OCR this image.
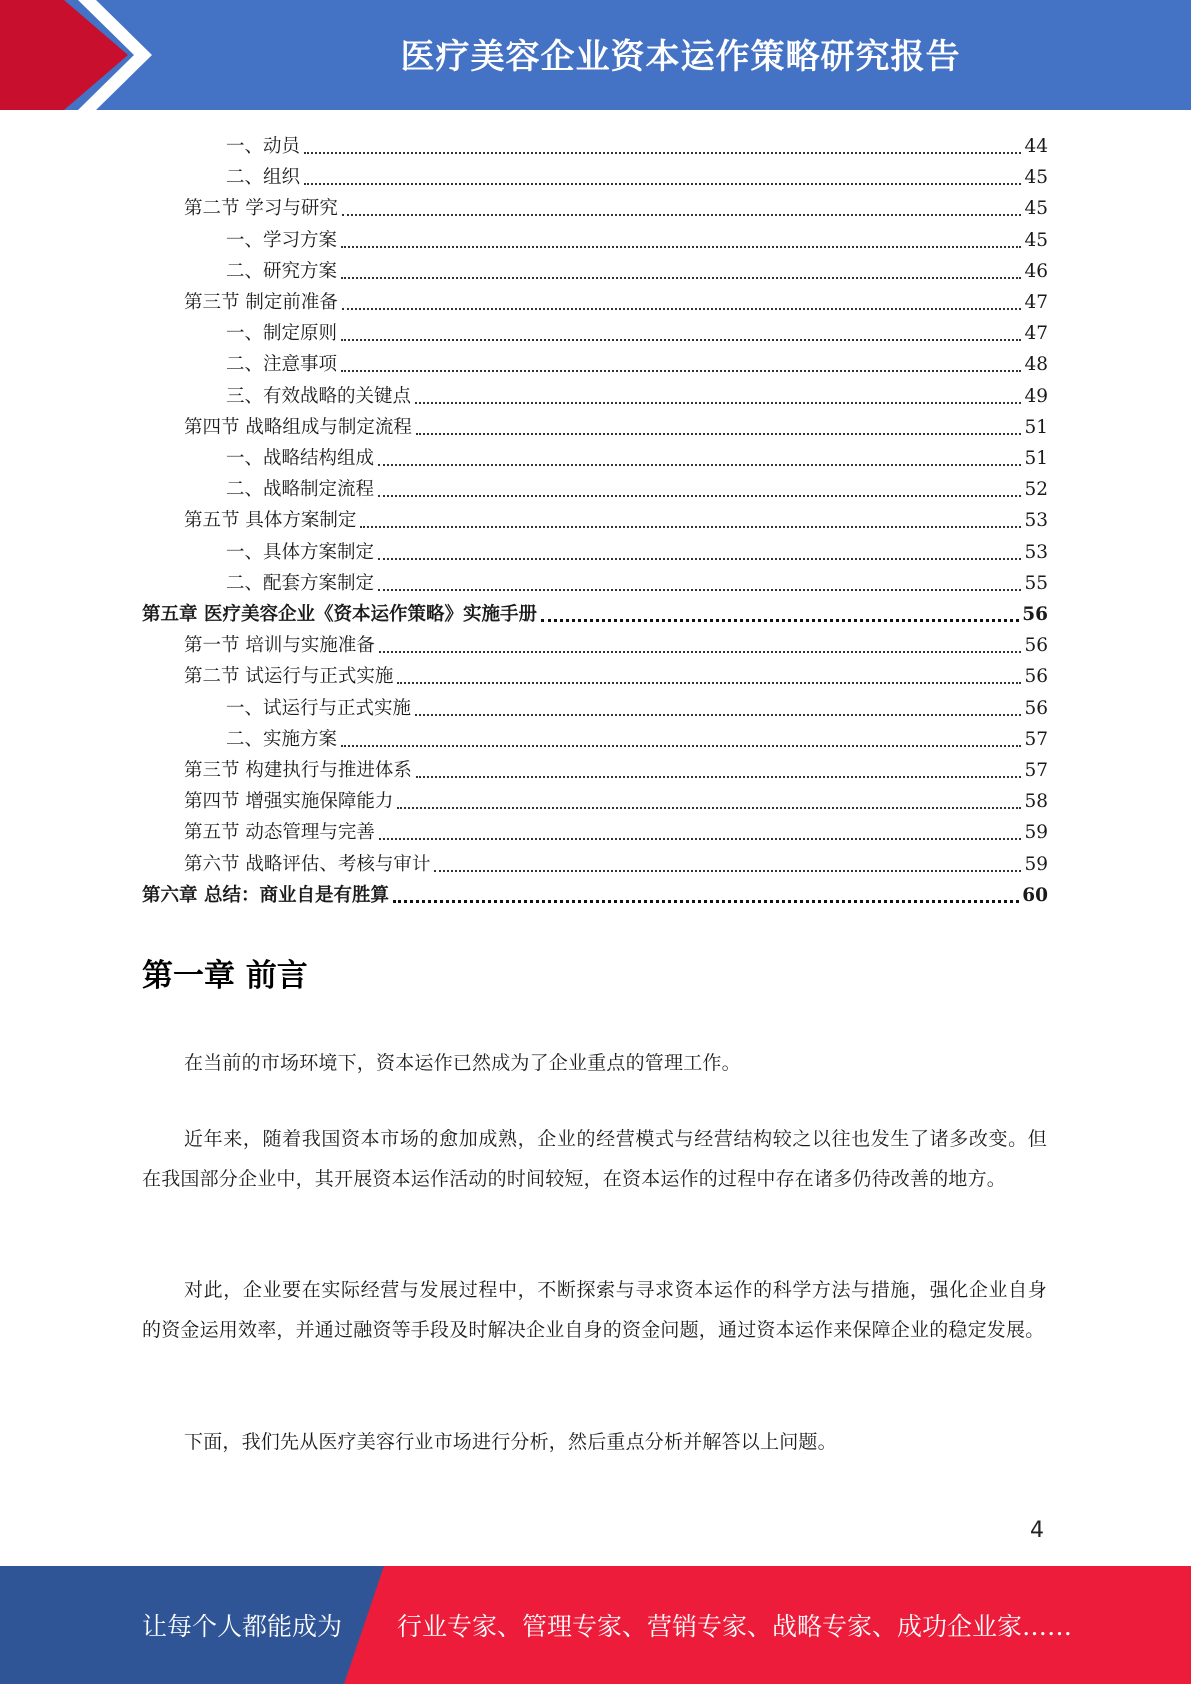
医疗美容企业资本运作策略研究报告
一、动员	44
二、组织	45
第二节 学习与研究	45
一、学习方案	45
二、研究方案	46
第三节 制定前准备	47
一、制定原则	47
二、注意事项	48
三、有效战略的关键点	49
第四节 战略组成与制定流程	51
一、战略结构组成	51
二、战略制定流程	52
第五节 具体方案制定	53
一、具体方案制定	53
二、配套方案制定	55
第五章 医疗美容企业《资本运作策略》实施手册	56
第一节 培训与实施准备	56
第二节 试运行与正式实施	56
一、试运行与正式实施	56
二、实施方案	57
第三节 构建执行与推进体系	57
第四节 增强实施保障能力	58
第五节 动态管理与完善	59
第六节 战略评估、考核与审计	59
第六章 总结：商业自是有胜算	60
第一章 前言

在当前的市场环境下，资本运作已然成为了企业重点的管理工作。

近年来，随着我国资本市场的愈加成熟，企业的经营模式与经营结构较之以往也发生了诸多改变。但在我国部分企业中，其开展资本运作活动的时间较短，在资本运作的过程中存在诸多仍待改善的地方。

对此，企业要在实际经营与发展过程中，不断探索与寻求资本运作的科学方法与措施，强化企业自身的资金运用效率，并通过融资等手段及时解决企业自身的资金问题，通过资本运作来保障企业的稳定发展。

下面，我们先从医疗美容行业市场进行分析，然后重点分析并解答以上问题。

4
让每个人都能成为 行业专家、管理专家、营销专家、战略专家、成功企业家……
